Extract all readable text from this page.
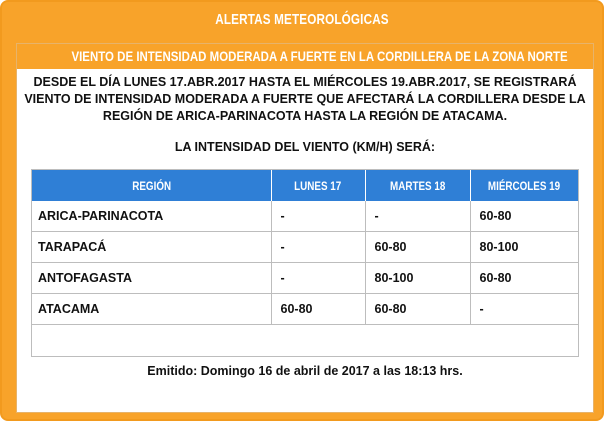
ALERTAS METEOROLÓGICAS
VIENTO DE INTENSIDAD MODERADA A FUERTE EN LA CORDILLERA DE LA ZONA NORTE
DESDE EL DÍA LUNES 17.ABR.2017 HASTA EL MIÉRCOLES 19.ABR.2017, SE REGISTRARÁ VIENTO DE INTENSIDAD MODERADA A FUERTE QUE AFECTARÁ LA CORDILLERA DESDE LA REGIÓN DE ARICA-PARINACOTA HASTA LA REGIÓN DE ATACAMA.
LA INTENSIDAD DEL VIENTO (KM/H) SERÁ:
REGIÓN	LUNES 17	MARTES 18	MIÉRCOLES 19
ARICA-PARINACOTA	-	-	60-80
TARAPACÁ	-	60-80	80-100
ANTOFAGASTA	-	80-100	60-80
ATACAMA	60-80	60-80	-
Emitido: Domingo 16 de abril de 2017 a las 18:13 hrs.
